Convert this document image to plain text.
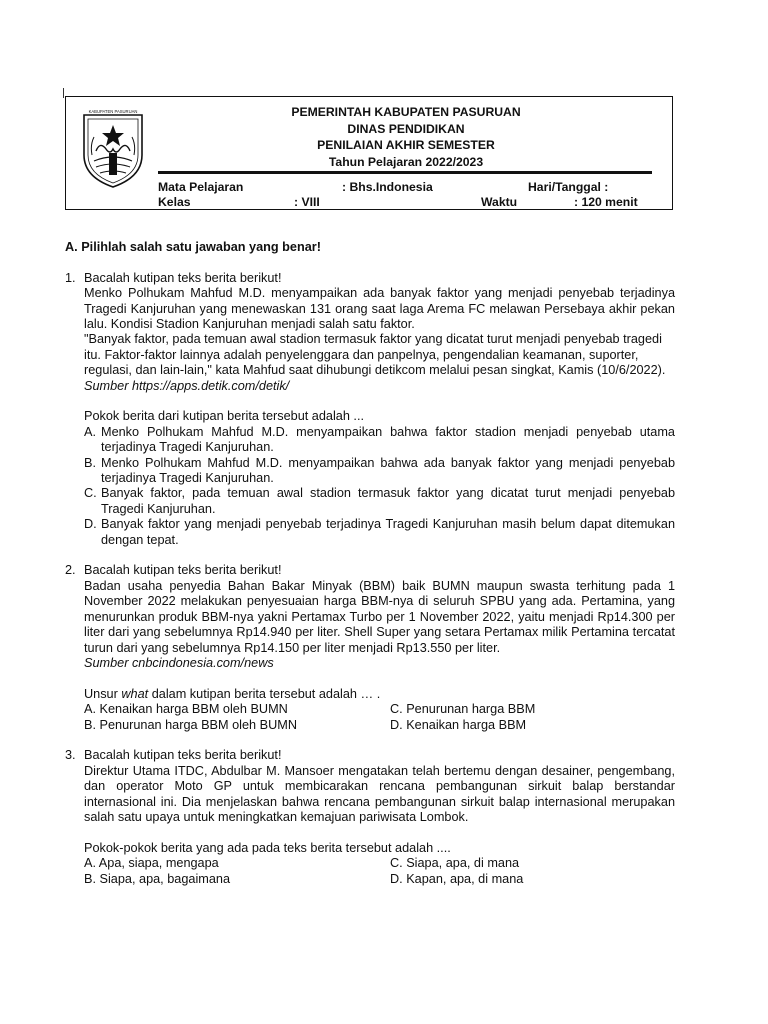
KABUPATEN PASURUAN	PEMERINTAH KABUPATEN PASURUAN
DINAS PENDIDIKAN
PENILAIAN AKHIR SEMESTER
Tahun Pelajaran 2022/2023
Mata Pelajaran	: Bhs.Indonesia	Hari/Tanggal :
Kelas	: VIII	Waktu	: 120 menit

A. Pilihlah salah satu jawaban yang benar!

1. Bacalah kutipan teks berita berikut!

Menko Polhukam Mahfud M.D. menyampaikan ada banyak faktor yang menjadi penyebab terjadinya Tragedi Kanjuruhan yang menewaskan 131 orang saat laga Arema FC melawan Persebaya akhir pekan lalu. Kondisi Stadion Kanjuruhan menjadi salah satu faktor.

"Banyak faktor, pada temuan awal stadion termasuk faktor yang dicatat turut menjadi penyebab tragedi itu. Faktor-faktor lainnya adalah penyelenggara dan panpelnya, pengendalian keamanan, suporter, regulasi, dan lain-lain," kata Mahfud saat dihubungi detikcom melalui pesan singkat, Kamis (10/6/2022).

Sumber https://apps.detik.com/detik/

Pokok berita dari kutipan berita tersebut adalah ...

A. Menko Polhukam Mahfud M.D. menyampaikan bahwa faktor stadion menjadi penyebab utama terjadinya Tragedi Kanjuruhan.
B. Menko Polhukam Mahfud M.D. menyampaikan bahwa ada banyak faktor yang menjadi penyebab terjadinya Tragedi Kanjuruhan.
C. Banyak faktor, pada temuan awal stadion termasuk faktor yang dicatat turut menjadi penyebab Tragedi Kanjuruhan.
D. Banyak faktor yang menjadi penyebab terjadinya Tragedi Kanjuruhan masih belum dapat ditemukan dengan tepat.
2. Bacalah kutipan teks berita berikut!

Badan usaha penyedia Bahan Bakar Minyak (BBM) baik BUMN maupun swasta terhitung pada 1 November 2022 melakukan penyesuaian harga BBM-nya di seluruh SPBU yang ada. Pertamina, yang menurunkan produk BBM-nya yakni Pertamax Turbo per 1 November 2022, yaitu menjadi Rp14.300 per liter dari yang sebelumnya Rp14.940 per liter. Shell Super yang setara Pertamax milik Pertamina tercatat turun dari yang sebelumnya Rp14.150 per liter menjadi Rp13.550 per liter.

Sumber cnbcindonesia.com/news

Unsur what dalam kutipan berita tersebut adalah … .

A. Kenaikan harga BBM oleh BUMN	C. Penurunan harga BBM
B. Penurunan harga BBM oleh BUMN	D. Kenaikan harga BBM
3. Bacalah kutipan teks berita berikut!

Direktur Utama ITDC, Abdulbar M. Mansoer mengatakan telah bertemu dengan desainer, pengembang, dan operator Moto GP untuk membicarakan rencana pembangunan sirkuit balap berstandar internasional ini. Dia menjelaskan bahwa rencana pembangunan sirkuit balap internasional merupakan salah satu upaya untuk meningkatkan kemajuan pariwisata Lombok.

Pokok-pokok berita yang ada pada teks berita tersebut adalah ....

A. Apa, siapa, mengapa	C. Siapa, apa, di mana
B. Siapa, apa, bagaimana	D. Kapan, apa, di mana
